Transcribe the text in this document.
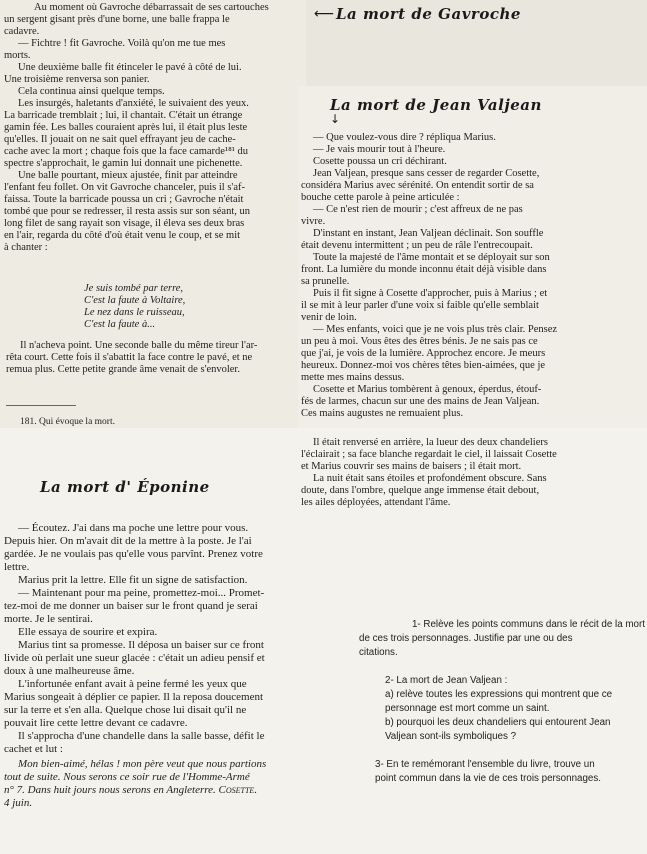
Au moment où Gavroche débarrassait de ses cartouches

un sergent gisant près d'une borne, une balle frappa le

cadavre.

— Fichtre ! fit Gavroche. Voilà qu'on me tue mes

morts.

Une deuxième balle fit étinceler le pavé à côté de lui.

Une troisième renversa son panier.

Cela continua ainsi quelque temps.

Les insurgés, haletants d'anxiété, le suivaient des yeux.

La barricade tremblait ; lui, il chantait. C'était un étrange

gamin fée. Les balles couraient après lui, il était plus leste

qu'elles. Il jouait on ne sait quel effrayant jeu de cache-

cache avec la mort ; chaque fois que la face camarde¹⁸¹ du

spectre s'approchait, le gamin lui donnait une pichenette.

Une balle pourtant, mieux ajustée, finit par atteindre

l'enfant feu follet. On vit Gavroche chanceler, puis il s'af-

faissa. Toute la barricade poussa un cri ; Gavroche n'était

tombé que pour se redresser, il resta assis sur son séant, un

long filet de sang rayait son visage, il éleva ses deux bras

en l'air, regarda du côté d'où était venu le coup, et se mit

à chanter :

Je suis tombé par terre,
C'est la faute à Voltaire,
Le nez dans le ruisseau,
C'est la faute à...

Il n'acheva point. Une seconde balle du même tireur l'ar-

rêta court. Cette fois il s'abattit la face contre le pavé, et ne

remua plus. Cette petite grande âme venait de s'envoler.

181. Qui évoque la mort.

— Que voulez-vous dire ? répliqua Marius.

— Je vais mourir tout à l'heure.

Cosette poussa un cri déchirant.

Jean Valjean, presque sans cesser de regarder Cosette,

considéra Marius avec sérénité. On entendit sortir de sa

bouche cette parole à peine articulée :

— Ce n'est rien de mourir ; c'est affreux de ne pas

vivre.

D'instant en instant, Jean Valjean déclinait. Son souffle

était devenu intermittent ; un peu de râle l'entrecoupait.

Toute la majesté de l'âme montait et se déployait sur son

front. La lumière du monde inconnu était déjà visible dans

sa prunelle.

Puis il fit signe à Cosette d'approcher, puis à Marius ; et

il se mit à leur parler d'une voix si faible qu'elle semblait

venir de loin.

— Mes enfants, voici que je ne vois plus très clair. Pensez

un peu à moi. Vous êtes des êtres bénis. Je ne sais pas ce

que j'ai, je vois de la lumière. Approchez encore. Je meurs

heureux. Donnez-moi vos chères têtes bien-aimées, que je

mette mes mains dessus.

Cosette et Marius tombèrent à genoux, éperdus, étouf-

fés de larmes, chacun sur une des mains de Jean Valjean.

Ces mains augustes ne remuaient plus.

Il était renversé en arrière, la lueur des deux chandeliers

l'éclairait ; sa face blanche regardait le ciel, il laissait Cosette

et Marius couvrir ses mains de baisers ; il était mort.

La nuit était sans étoiles et profondément obscure. Sans

doute, dans l'ombre, quelque ange immense était debout,

les ailes déployées, attendant l'âme.

— Écoutez. J'ai dans ma poche une lettre pour vous.

Depuis hier. On m'avait dit de la mettre à la poste. Je l'ai

gardée. Je ne voulais pas qu'elle vous parvînt. Prenez votre

lettre.

Marius prit la lettre. Elle fit un signe de satisfaction.

— Maintenant pour ma peine, promettez-moi... Promet-

tez-moi de me donner un baiser sur le front quand je serai

morte. Je le sentirai.

Elle essaya de sourire et expira.

Marius tint sa promesse. Il déposa un baiser sur ce front

livide où perlait une sueur glacée : c'était un adieu pensif et

doux à une malheureuse âme.

L'infortunée enfant avait à peine fermé les yeux que

Marius songeait à déplier ce papier. Il la reposa doucement

sur la terre et s'en alla. Quelque chose lui disait qu'il ne

pouvait lire cette lettre devant ce cadavre.

Il s'approcha d'une chandelle dans la salle basse, défit le

cachet et lut :

Mon bien-aimé, hélas ! mon père veut que nous partions

tout de suite. Nous serons ce soir rue de l'Homme-Armé

n° 7. Dans huit jours nous serons en Angleterre. Cosette.

4 juin.

1- Relève les points communs dans le récit de la mort
de ces trois personnages. Justifie par une ou des
citations.

2- La mort de Jean Valjean :
a) relève toutes les expressions qui montrent que ce
personnage est mort comme un saint.
b) pourquoi les deux chandeliers qui entourent Jean
Valjean sont-ils symboliques ?

3- En te remémorant l'ensemble du livre, trouve un
point commun dans la vie de ces trois personnages.
⟵ La mort de Gavroche
La mort de Jean Valjean
↓
La mort d' Éponine
